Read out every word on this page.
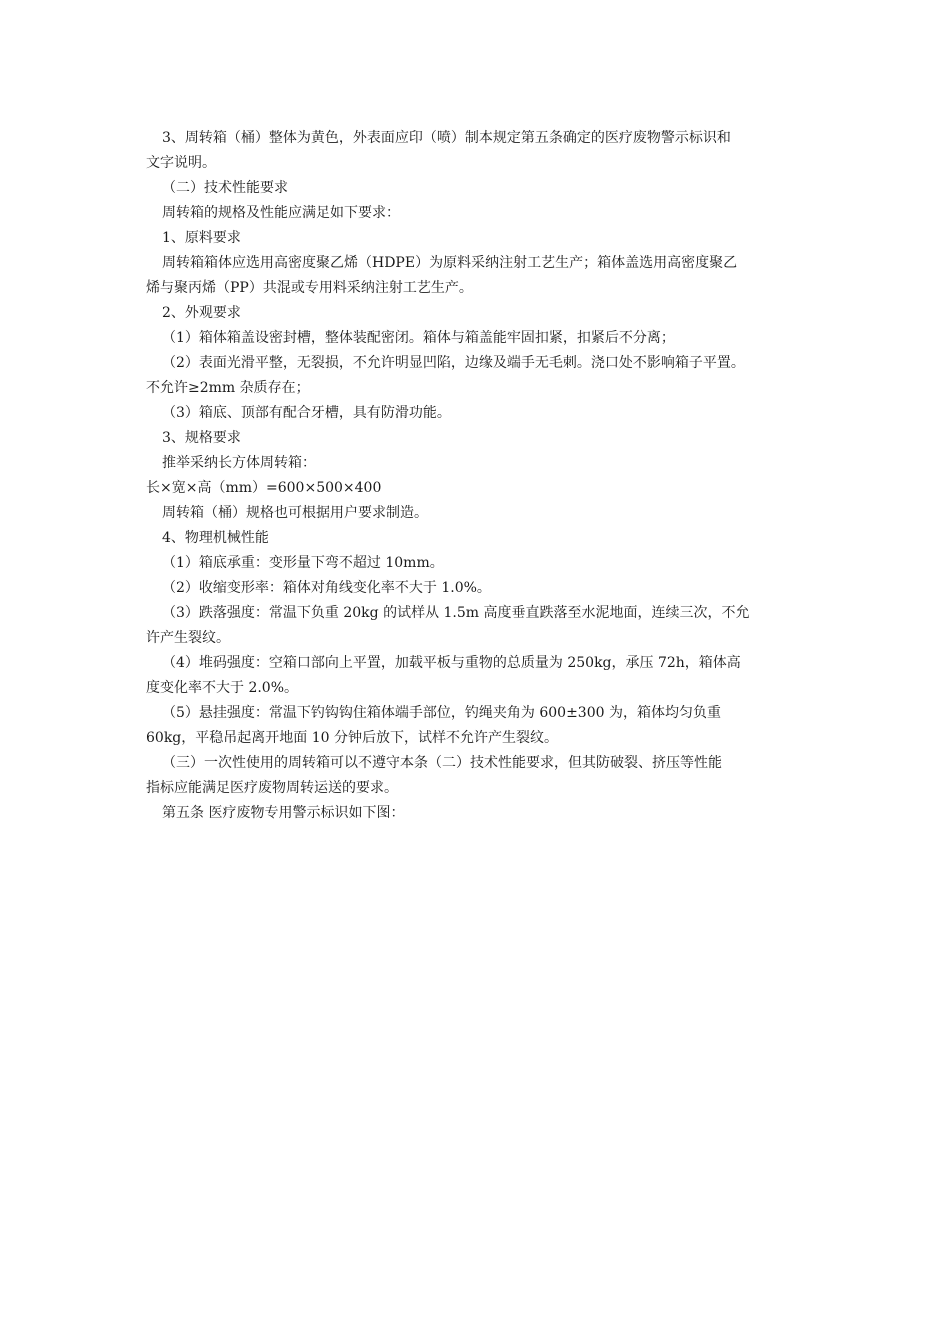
3、周转箱（桶）整体为黄色，外表面应印（喷）制本规定第五条确定的医疗废物警示标识和
文字说明。
（二）技术性能要求
周转箱的规格及性能应满足如下要求：
1、原料要求
周转箱箱体应选用高密度聚乙烯（HDPE）为原料采纳注射工艺生产；箱体盖选用高密度聚乙
烯与聚丙烯（PP）共混或专用料采纳注射工艺生产。
2、外观要求
（1）箱体箱盖设密封槽，整体装配密闭。箱体与箱盖能牢固扣紧，扣紧后不分离；
（2）表面光滑平整，无裂损，不允许明显凹陷，边缘及端手无毛刺。浇口处不影响箱子平置。
不允许≥2mm 杂质存在；
（3）箱底、顶部有配合牙槽，具有防滑功能。
3、规格要求
推举采纳长方体周转箱：
长×宽×高（mm）=600×500×400
周转箱（桶）规格也可根据用户要求制造。
4、物理机械性能
（1）箱底承重：变形量下弯不超过 10mm。
（2）收缩变形率：箱体对角线变化率不大于 1.0%。
（3）跌落强度：常温下负重 20kg 的试样从 1.5m 高度垂直跌落至水泥地面，连续三次，不允
许产生裂纹。
（4）堆码强度：空箱口部向上平置，加载平板与重物的总质量为 250kg，承压 72h，箱体高
度变化率不大于 2.0%。
（5）悬挂强度：常温下钓钩钩住箱体端手部位，钓绳夹角为 600±300 为，箱体均匀负重
60kg，平稳吊起离开地面 10 分钟后放下，试样不允许产生裂纹。
（三）一次性使用的周转箱可以不遵守本条（二）技术性能要求，但其防破裂、挤压等性能
指标应能满足医疗废物周转运送的要求。
第五条 医疗废物专用警示标识如下图：
